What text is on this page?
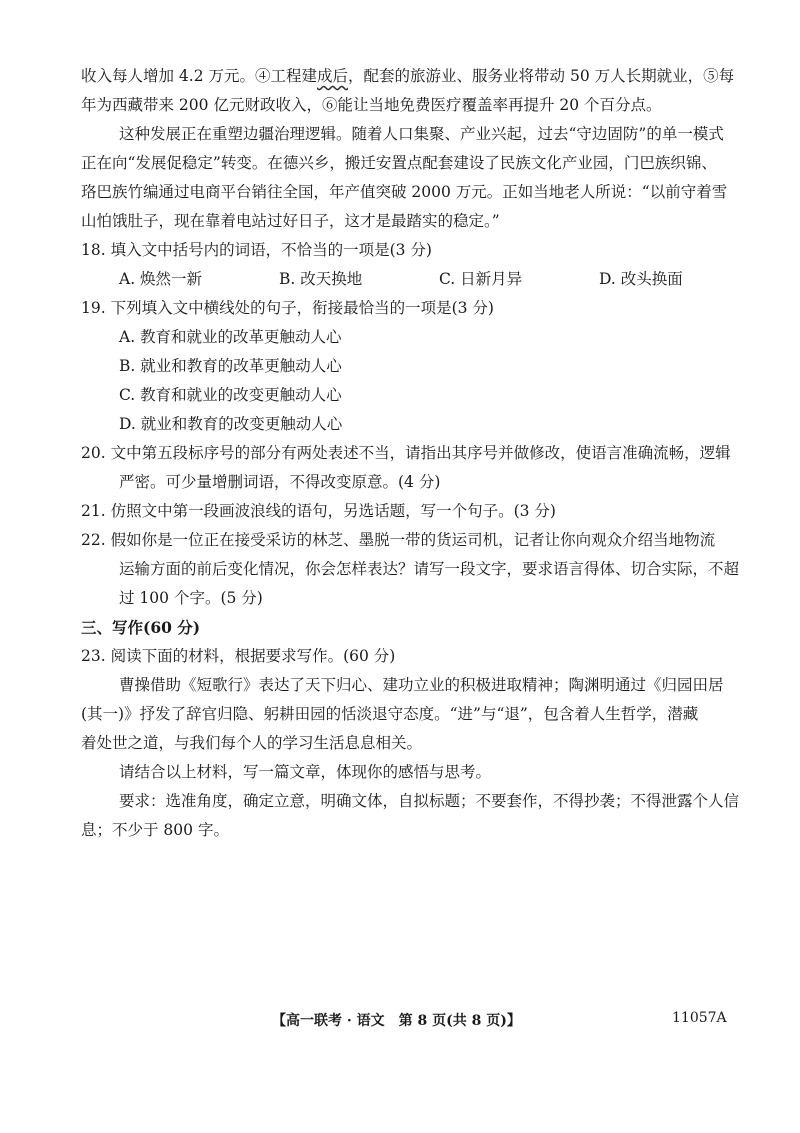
收入每人增加 4.2 万元。④工程建成后，配套的旅游业、服务业将带动 50 万人长期就业，⑤每
年为西藏带来 200 亿元财政收入，⑥能让当地免费医疗覆盖率再提升 20 个百分点。
这种发展正在重塑边疆治理逻辑。随着人口集聚、产业兴起，过去“守边固防”的单一模式
正在向“发展促稳定”转变。在德兴乡，搬迁安置点配套建设了民族文化产业园，门巴族织锦、
珞巴族竹编通过电商平台销往全国，年产值突破 2000 万元。正如当地老人所说：“以前守着雪
山怕饿肚子，现在靠着电站过好日子，这才是最踏实的稳定。”
18. 填入文中括号内的词语，不恰当的一项是(3 分)
A. 焕然一新	B. 改天换地	C. 日新月异	D. 改头换面
19. 下列填入文中横线处的句子，衔接最恰当的一项是(3 分)
A. 教育和就业的改革更触动人心
B. 就业和教育的改革更触动人心
C. 教育和就业的改变更触动人心
D. 就业和教育的改变更触动人心
20. 文中第五段标序号的部分有两处表述不当，请指出其序号并做修改，使语言准确流畅，逻辑
严密。可少量增删词语，不得改变原意。(4 分)
21. 仿照文中第一段画波浪线的语句，另选话题，写一个句子。(3 分)
22. 假如你是一位正在接受采访的林芝、墨脱一带的货运司机，记者让你向观众介绍当地物流
运输方面的前后变化情况，你会怎样表达？请写一段文字，要求语言得体、切合实际，不超
过 100 个字。(5 分)
三、写作(60 分)
23. 阅读下面的材料，根据要求写作。(60 分)
曹操借助《短歌行》表达了天下归心、建功立业的积极进取精神；陶渊明通过《归园田居
(其一)》抒发了辞官归隐、躬耕田园的恬淡退守态度。“进”与“退”，包含着人生哲学，潜藏
着处世之道，与我们每个人的学习生活息息相关。
请结合以上材料，写一篇文章，体现你的感悟与思考。
要求：选准角度，确定立意，明确文体，自拟标题；不要套作，不得抄袭；不得泄露个人信
息；不少于 800 字。
【高一联考 · 语文　第 8 页(共 8 页)】	11057A
